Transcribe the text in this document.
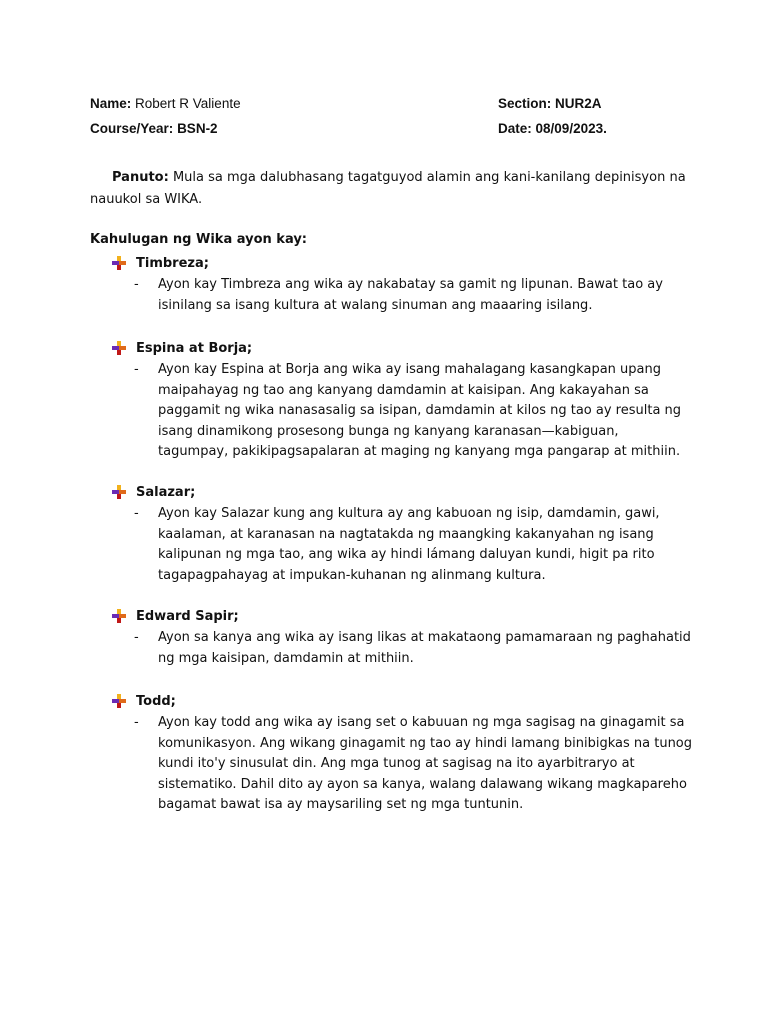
Name: Robert R Valiente	Section: NUR2A
Course/Year: BSN-2	Date: 08/09/2023.
Panuto: Mula sa mga dalubhasang tagatguyod alamin ang kani-kanilang depinisyon na nauukol sa WIKA.
Kahulugan ng Wika ayon kay:
Timbreza;
- Ayon kay Timbreza ang wika ay nakabatay sa gamit ng lipunan. Bawat tao ay isinilang sa isang kultura at walang sinuman ang maaaring isilang.
Espina at Borja;
- Ayon kay Espina at Borja ang wika ay isang mahalagang kasangkapan upang maipahayag ng tao ang kanyang damdamin at kaisipan. Ang kakayahan sa paggamit ng wika nanasasalig sa isipan, damdamin at kilos ng tao ay resulta ng isang dinamikong prosesong bunga ng kanyang karanasan—kabiguan, tagumpay, pakikipagsapalaran at maging ng kanyang mga pangarap at mithiin.
Salazar;
- Ayon kay Salazar kung ang kultura ay ang kabuoan ng isip, damdamin, gawi, kaalaman, at karanasan na nagtatakda ng maangking kakanyahan ng isang kalipunan ng mga tao, ang wika ay hindi lámang daluyan kundi, higit pa rito tagapagpahayag at impukan-kuhanan ng alinmang kultura.
Edward Sapir;
- Ayon sa kanya ang wika ay isang likas at makataong pamamaraan ng paghahatid ng mga kaisipan, damdamin at mithiin.
Todd;
- Ayon kay todd ang wika ay isang set o kabuuan ng mga sagisag na ginagamit sa komunikasyon. Ang wikang ginagamit ng tao ay hindi lamang binibigkas na tunog kundi ito'y sinusulat din. Ang mga tunog at sagisag na ito ayarbitraryo at sistematiko. Dahil dito ay ayon sa kanya, walang dalawang wikang magkapareho bagamat bawat isa ay maysariling set ng mga tuntunin.
